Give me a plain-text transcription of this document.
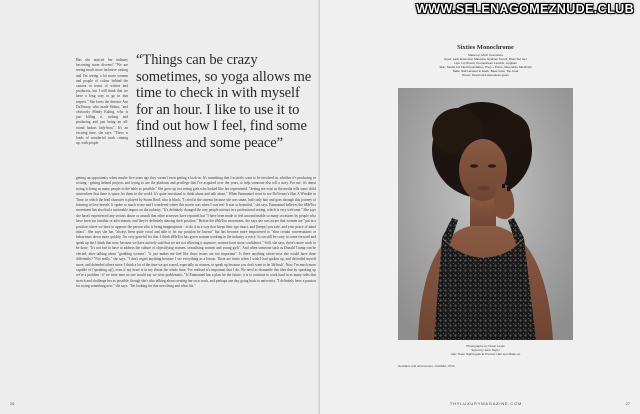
Has she noticed her industry becoming more diverse? "We are seeing much more inclusive casting and I'm seeing a lot more women and people of colour behind the camera in terms of writers and producers, but I still think that we have a long way to go in that respect." She loves the director Ava DuVernay, who made Selma, "and obviously Mindy Kaling, who is just killing it, writing and producing and just being an all-round badass lady-boss". It's an exciting time, she says. "There is loads of wonderful work coming up, with people
“Things can be crazy sometimes, so yoga allows me time to check in with myself for an hour. I like to use it to find out how I feel, find some stillness and some peace”
getting an opportunity when maybe five years ago they weren't even getting a look-in. It's something that I actively want to be involved in, whether it's producing or writing - getting behind projects and trying to use the platform and privilege that I've acquired over the years, to help someone else tell a story. For me, it's about trying to bring as many people to the table as possible." She grew up not seeing girls who looked like her represented. "Seeing me exist in the media tells some child somewhere that there is space for them in the world. It's quite emotional to think about and talk about." When Emmanuel went to see DuVernay's film A Wrinkle in Time, in which the lead character is played by Storm Reid, who is black, "I cried in the cinema because she was smart, had curly hair and goes through this journey of learning to love herself. It spoke so much to me and I wondered where this movie was when I was ten! It was so beautiful," she says. Emmanuel believes the #MeToo movement has also had a noticeable impact on the industry. "It's definitely changed the way people interact in a professional setting, which is very welcome." She says she hasn't experienced any serious abuse or assault that other actresses have reported but "I have been made to feel uncomfortable so many occasions by people who have been too familiar or affectionate, and they're definitely abusing their position." Before the #MeToo movement, she says she was aware that women are "put in a position where we have to appease the person who is being inappropriate - to do it in a way that keeps their ego intact, and [keeps] you safe, and your peace of mind intact". She says she has "always been quite vocal and able to let my position be known" but has become more empowered to "shut certain conversations or behaviours down more quickly. I'm very grateful for that. I think #MeToo has given women working in the industry a voice. It can still be scary to come forward and speak up but I think that now, because we have actively said that we are not allowing it anymore, women have more confidence." Still, she says, there's more work to be done. "It's not fair to have to address the culture of objectifying women, sexualising women and young girls". And when someone such as Donald Trump can be elected, after talking about "grabbing women", "it just makes me feel like those issues are not important". Is there anything career-wise she would have done differently? "Not really," she says. "I don't regret anything because I see everything as a lesson. There are times when I wish I had spoken up, and defended myself more, and defended others more. I think a lot of the time we get scared, especially as women, to speak up because you don't want to be 'difficult'. Now, I'm much more capable of ('speaking up'), even if my heart is in my throat the whole time. I've realised it's important that I do. We need to dismantle this idea that by speaking up we're a problem - if we were men no one would say we were problematic." If Emmanuel has a plan for the future, it is to continue to work hard in as many roles that stretch and challenge her as possible, though she's also talking about creating her own work, and perhaps one day going back to university. "I definitely have a passion for trying something new," she says. "I'm looking for that next thing and what fits."
26
Sixties Monochrome
Make-up: MAC Cosmetics
Eyes: Lash Extension Mascara, Eyeliner Pencil, Brow Set Gel
Lips: Lip Pencil, Cremesheen Lipstick, Lipglass
Skin: Studio Fix Fluid Foundation, Prep + Prime, Mineralize Skinfinish
Nails: Nail Lacquer in black, Base Coat, Top Coat
Dress: Sequinned sleeveless gown
Photographs by Oscar Lewis
Styled by Jane Taylor
Hair: Team Nightingale at Premier Hair and Make-up
Necklace and accessories, CHANEL, POA
THYLUXURYMAGAZINE.COM	27
WWW.SELENAGOMEZNUDE.CLUB
